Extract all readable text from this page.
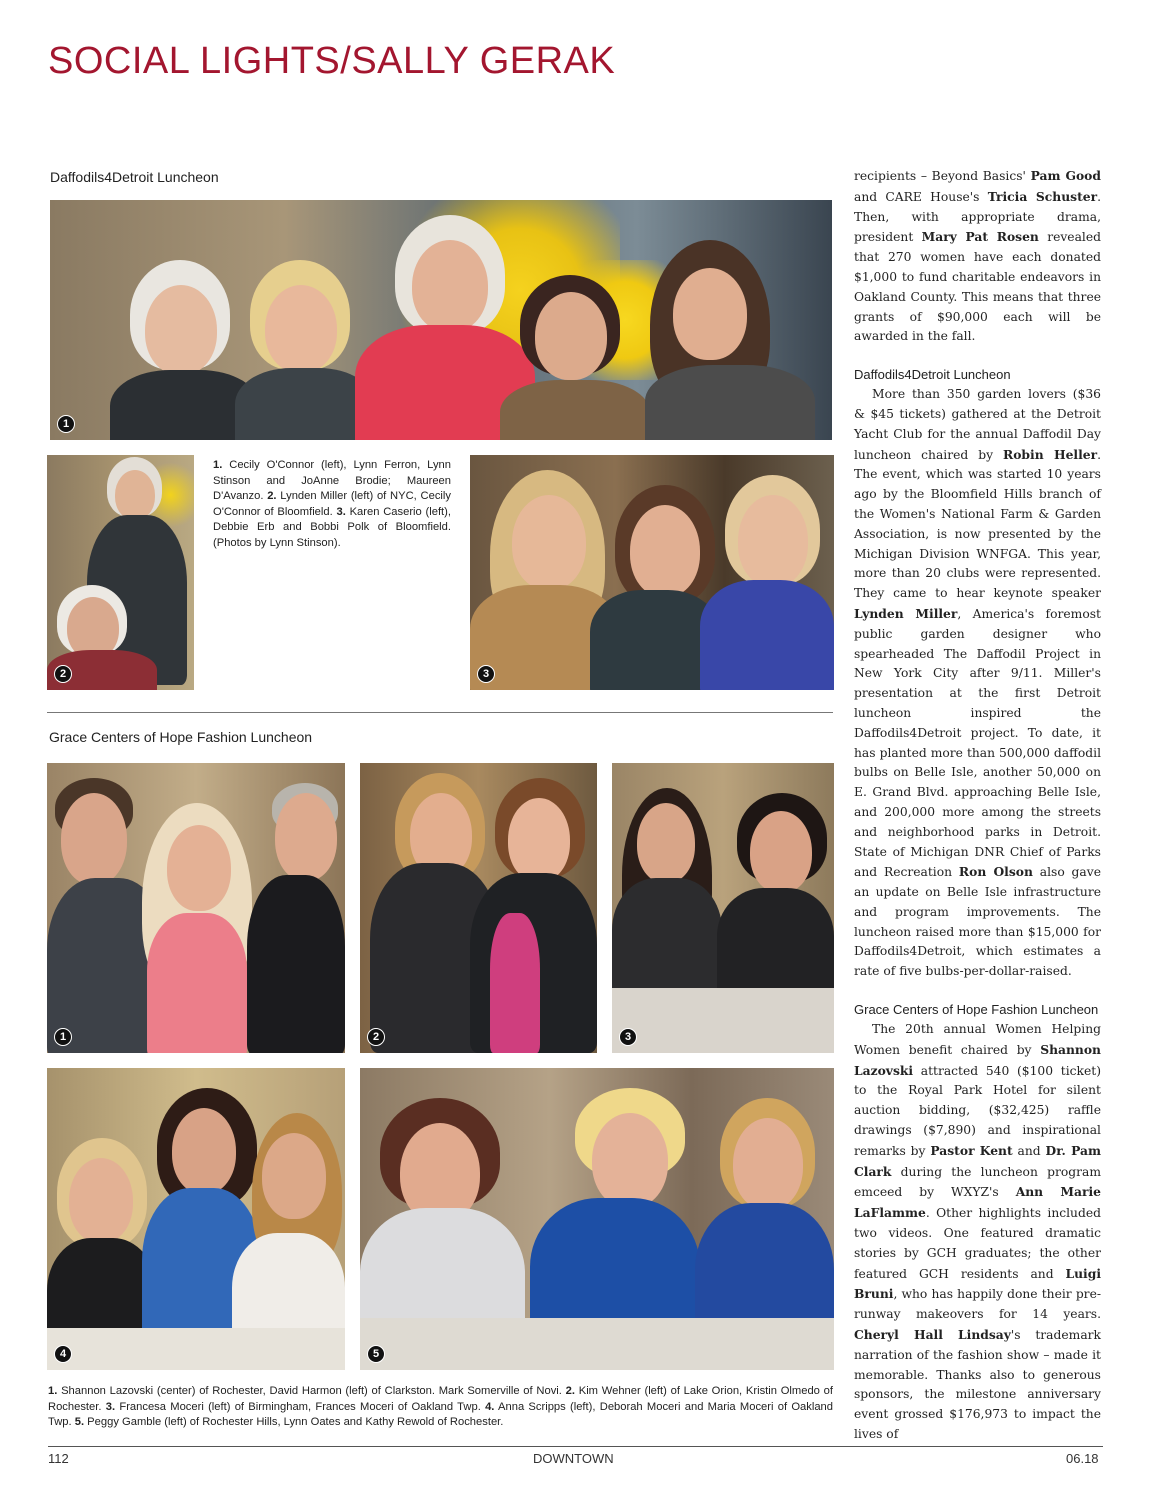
SOCIAL LIGHTS/SALLY GERAK
Daffodils4Detroit Luncheon
1
2
1. Cecily O'Connor (left), Lynn Ferron, Lynn Stinson and JoAnne Brodie; Maureen D'Avanzo. 2. Lynden Miller (left) of NYC, Cecily O'Connor of Bloomfield. 3. Karen Caserio (left), Debbie Erb and Bobbi Polk of Bloomfield. (Photos by Lynn Stinson).
3
Grace Centers of Hope Fashion Luncheon
1	2	3
4	5
1. Shannon Lazovski (center) of Rochester, David Harmon (left) of Clarkston. Mark Somerville of Novi. 2. Kim Wehner (left) of Lake Orion, Kristin Olmedo of Rochester. 3. Francesa Moceri (left) of Birmingham, Frances Moceri of Oakland Twp. 4. Anna Scripps (left), Deborah Moceri and Maria Moceri of Oakland Twp. 5. Peggy Gamble (left) of Rochester Hills, Lynn Oates and Kathy Rewold of Rochester.

recipients – Beyond Basics' Pam Good and CARE House's Tricia Schuster. Then, with appropriate drama, president Mary Pat Rosen revealed that 270 women have each donated $1,000 to fund charitable endeavors in Oakland County. This means that three grants of $90,000 each will be awarded in the fall.

Daffodils4Detroit Luncheon

More than 350 garden lovers ($36 & $45 tickets) gathered at the Detroit Yacht Club for the annual Daffodil Day luncheon chaired by Robin Heller. The event, which was started 10 years ago by the Bloomfield Hills branch of the Women's National Farm & Garden Association, is now presented by the Michigan Division WNFGA. This year, more than 20 clubs were represented. They came to hear keynote speaker Lynden Miller, America's foremost public garden designer who spearheaded The Daffodil Project in New York City after 9/11. Miller's presentation at the first Detroit luncheon inspired the Daffodils4Detroit project. To date, it has planted more than 500,000 daffodil bulbs on Belle Isle, another 50,000 on E. Grand Blvd. approaching Belle Isle, and 200,000 more among the streets and neighborhood parks in Detroit. State of Michigan DNR Chief of Parks and Recreation Ron Olson also gave an update on Belle Isle infrastructure and program improvements. The luncheon raised more than $15,000 for Daffodils4Detroit, which estimates a rate of five bulbs-per-dollar-raised.

Grace Centers of Hope Fashion Luncheon

The 20th annual Women Helping Women benefit chaired by Shannon Lazovski attracted 540 ($100 ticket) to the Royal Park Hotel for silent auction bidding, ($32,425) raffle drawings ($7,890) and inspirational remarks by Pastor Kent and Dr. Pam Clark during the luncheon program emceed by WXYZ's Ann Marie LaFlamme. Other highlights included two videos. One featured dramatic stories by GCH graduates; the other featured GCH residents and Luigi Bruni, who has happily done their pre-runway makeovers for 14 years. Cheryl Hall Lindsay's trademark narration of the fashion show – made it memorable. Thanks also to generous sponsors, the milestone anniversary event grossed $176,973 to impact the lives of

112	DOWNTOWN	06.18
